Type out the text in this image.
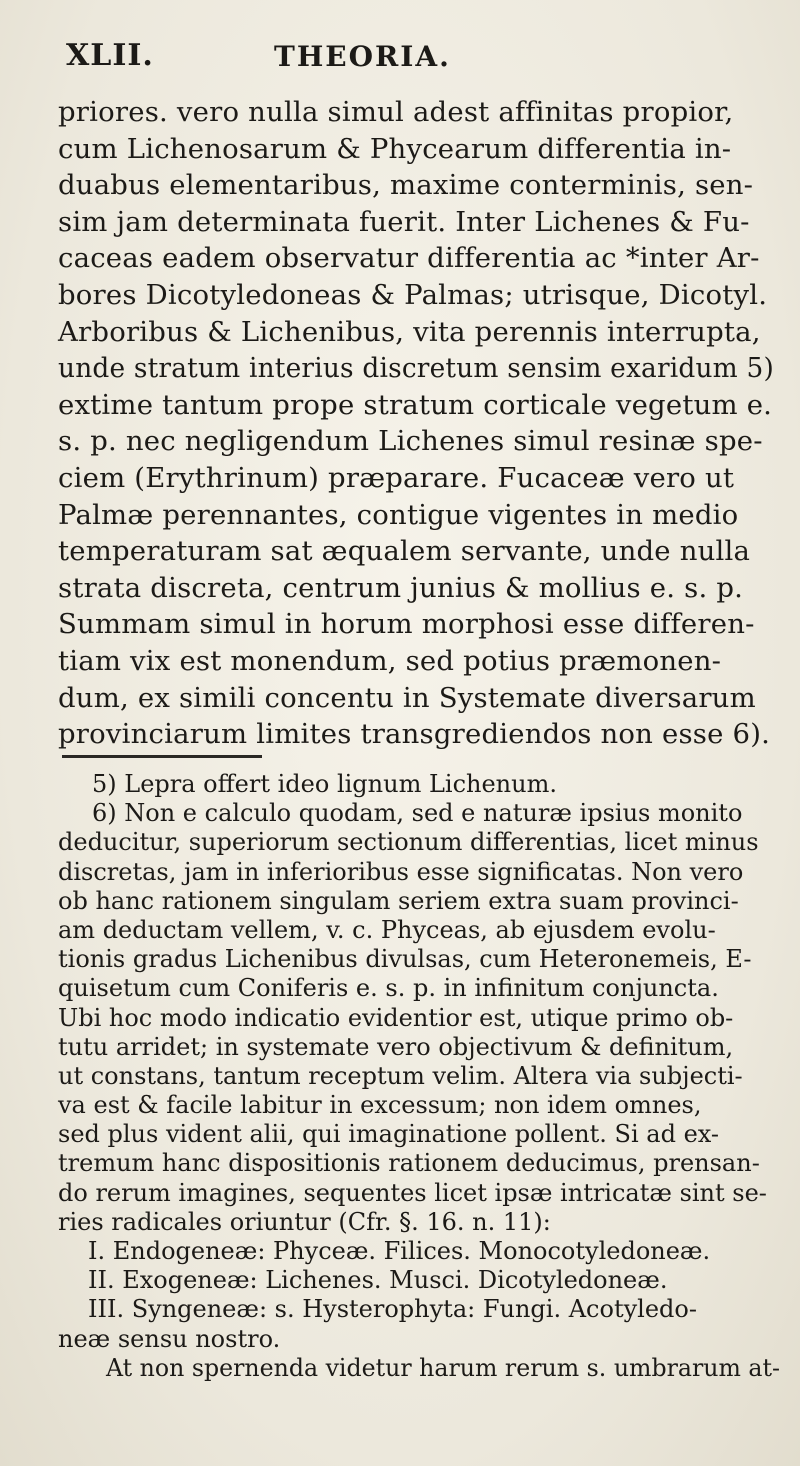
XLII.	THEORIA.
priores. vero nulla simul adest affinitas propior,
cum Lichenosarum & Phycearum differentia in-
duabus elementaribus, maxime conterminis, sen-
sim jam determinata fuerit. Inter Lichenes & Fu-
caceas eadem observatur differentia ac *inter Ar-
bores Dicotyledoneas & Palmas; utrisque, Dicotyl.
Arboribus & Lichenibus, vita perennis interrupta,
unde stratum interius discretum sensim exaridum 5)
extime tantum prope stratum corticale vegetum e.
s. p. nec negligendum Lichenes simul resinæ spe-
ciem (Erythrinum) præparare. Fucaceæ vero ut
Palmæ perennantes, contigue vigentes in medio
temperaturam sat æqualem servante, unde nulla
strata discreta, centrum junius & mollius e. s. p.
Summam simul in horum morphosi esse differen-
tiam vix est monendum, sed potius præmonen-
dum, ex simili concentu in Systemate diversarum
provinciarum limites transgrediendos non esse 6).
5) Lepra offert ideo lignum Lichenum.
6) Non e calculo quodam, sed e naturæ ipsius monito
deducitur, superiorum sectionum differentias, licet minus
discretas, jam in inferioribus esse significatas. Non vero
ob hanc rationem singulam seriem extra suam provinci-
am deductam vellem, v. c. Phyceas, ab ejusdem evolu-
tionis gradus Lichenibus divulsas, cum Heteronemeis, E-
quisetum cum Coniferis e. s. p. in infinitum conjuncta.
Ubi hoc modo indicatio evidentior est, utique primo ob-
tutu arridet; in systemate vero objectivum & definitum,
ut constans, tantum receptum velim. Altera via subjecti-
va est & facile labitur in excessum; non idem omnes,
sed plus vident alii, qui imaginatione pollent. Si ad ex-
tremum hanc dispositionis rationem deducimus, prensan-
do rerum imagines, sequentes licet ipsæ intricatæ sint se-
ries radicales oriuntur (Cfr. §. 16. n. 11):
I. Endogeneæ: Phyceæ. Filices. Monocotyledoneæ.
II. Exogeneæ: Lichenes. Musci. Dicotyledoneæ.
III. Syngeneæ: s. Hysterophyta: Fungi. Acotyledo-
neæ sensu nostro.
At non spernenda videtur harum rerum s. umbrarum at-
